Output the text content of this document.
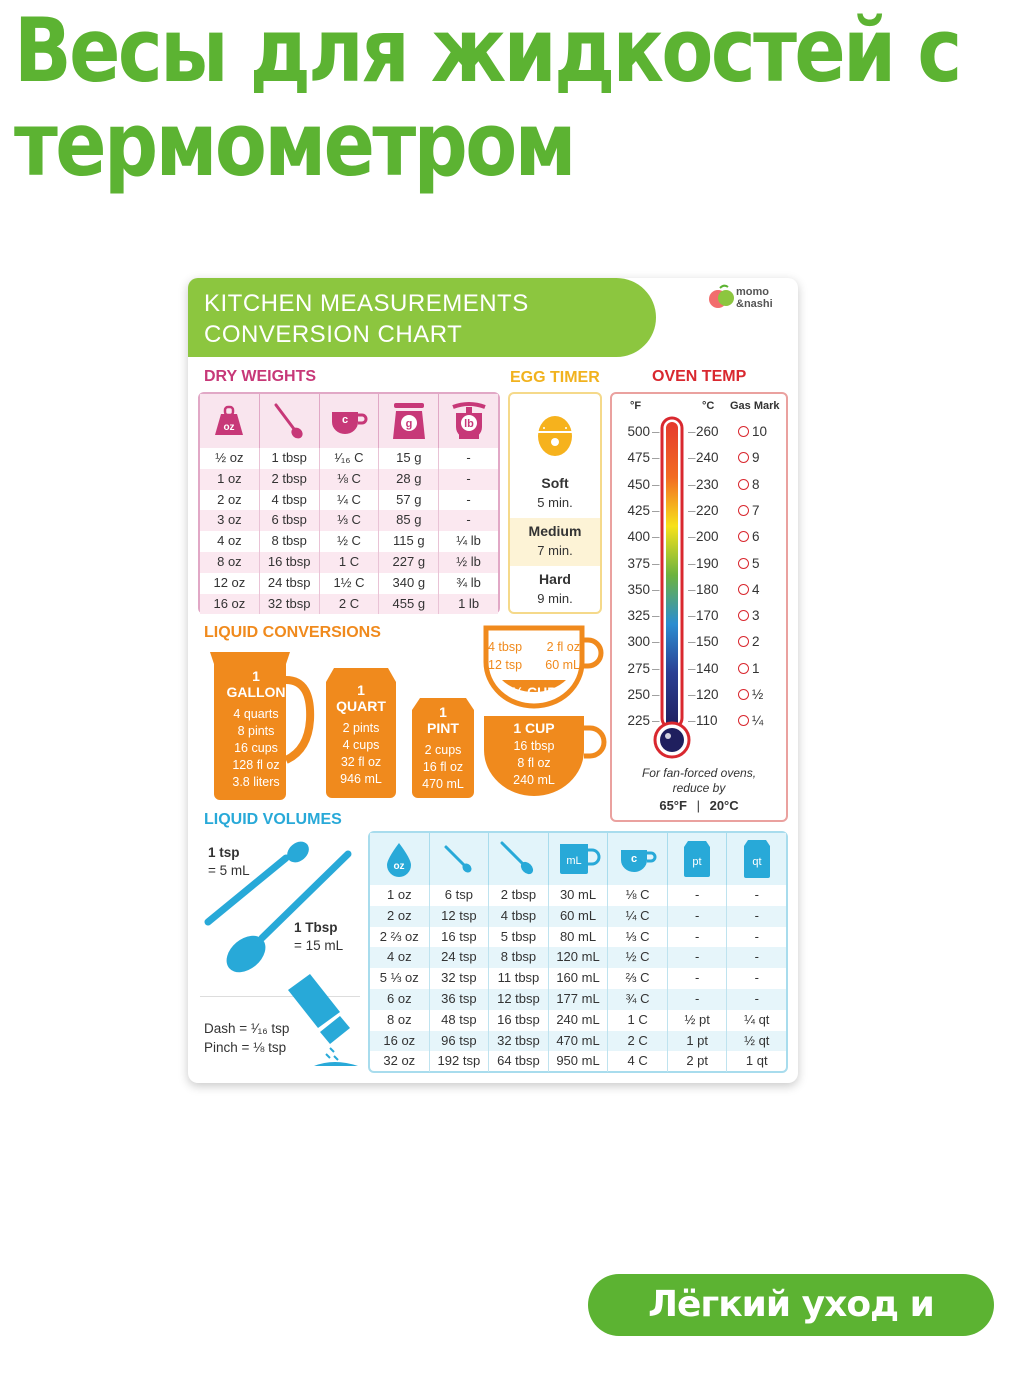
Весы для жидкостей с
термометром
KITCHEN MEASUREMENTS
CONVERSION CHART
momo
&nashi
DRY WEIGHTS
oz
c	g	lb
½ oz	1 tbsp	¹⁄₁₆ C	15 g	-
1 oz	2 tbsp	⅛ C	28 g	-
2 oz	4 tbsp	¼ C	57 g	-
3 oz	6 tbsp	⅓ C	85 g	-
4 oz	8 tbsp	½ C	115 g	¼ lb
8 oz	16 tbsp	1 C	227 g	½ lb
12 oz	24 tbsp	1½ C	340 g	¾ lb
16 oz	32 tbsp	2 C	455 g	1 lb
EGG TIMER
Soft
5 min.
Medium
7 min.
Hard
9 min.
OVEN TEMP
°F	°C Gas Mark
500 – – 260	10
475 – – 240	9
450 – – 230	8
425 – – 220	7
400 – – 200	6
375 – – 190	5
350 – – 180	4
325 – – 170	3
300 – – 150	2
275 – – 140	1
250 – – 120	½
225 – – 110	¼
For fan-forced ovens,
reduce by
65°F | 20°C
LIQUID CONVERSIONS
1
GALLON
4 quarts
8 pints
16 cups
128 fl oz
3.8 liters
1
QUART
2 pints
4 cups
32 fl oz
946 mL
1
PINT
2 cups
16 fl oz
470 mL
4 tbsp 2 fl oz
12 tsp 60 mL
¼ CUP
1 CUP
16 tbsp
8 fl oz
240 mL
LIQUID VOLUMES
1 tsp
= 5 mL
1 Tbsp
= 15 mL
Dash = ¹⁄₁₆ tsp
Pinch = ⅛ tsp
oz	mL	c	pt	qt
1 oz	6 tsp	2 tbsp	30 mL	⅛ C	-	-
2 oz	12 tsp	4 tbsp	60 mL	¼ C	-	-
2 ⅔ oz	16 tsp	5 tbsp	80 mL	⅓ C	-	-
4 oz	24 tsp	8 tbsp	120 mL	½ C	-	-
5 ⅓ oz	32 tsp	11 tbsp	160 mL	⅔ C	-	-
6 oz	36 tsp	12 tbsp	177 mL	¾ C	-	-
8 oz	48 tsp	16 tbsp	240 mL	1 C	½ pt	¼ qt
16 oz	96 tsp	32 tbsp	470 mL	2 C	1 pt	½ qt
32 oz	192 tsp	64 tbsp	950 mL	4 C	2 pt	1 qt
Лёгкий уход и чистка
